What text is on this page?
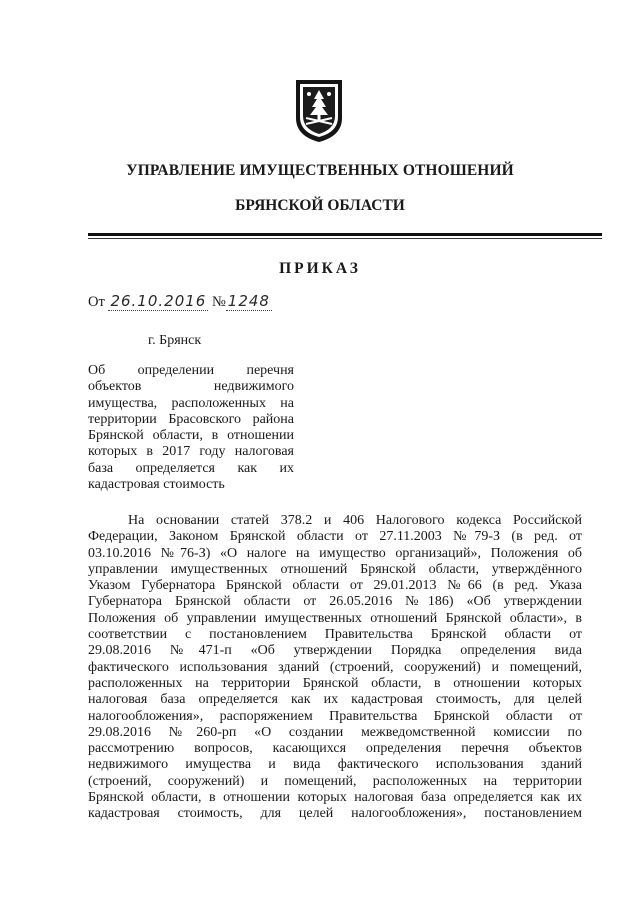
УПРАВЛЕНИЕ ИМУЩЕСТВЕННЫХ ОТНОШЕНИЙ
БРЯНСКОЙ ОБЛАСТИ
ПРИКАЗ
От 26.10.2016 № 1248
г. Брянск
Об определении перечня
объектов недвижимого
имущества, расположенных на
территории Брасовского района
Брянской области, в отношении
которых в 2017 году налоговая
база определяется как их
кадастровая стоимость
На основании статей 378.2 и 406 Налогового кодекса Российской
Федерации, Законом Брянской области от 27.11.2003 №79-З (в ред. от
03.10.2016 №76-З) «О налоге на имущество организаций», Положения об
управлении имущественных отношений Брянской области, утверждённого
Указом Губернатора Брянской области от 29.01.2013 №66 (в ред. Указа
Губернатора Брянской области от 26.05.2016 №186) «Об утверждении
Положения об управлении имущественных отношений Брянской области», в
соответствии с постановлением Правительства Брянской области от
29.08.2016 №471-п «Об утверждении Порядка определения вида
фактического использования зданий (строений, сооружений) и помещений,
расположенных на территории Брянской области, в отношении которых
налоговая база определяется как их кадастровая стоимость, для целей
налогообложения», распоряжением Правительства Брянской области от
29.08.2016 №260-рп «О создании межведомственной комиссии по
рассмотрению вопросов, касающихся определения перечня объектов
недвижимого имущества и вида фактического использования зданий
(строений, сооружений) и помещений, расположенных на территории
Брянской области, в отношении которых налоговая база определяется как их
кадастровая стоимость, для целей налогообложения», постановлением
